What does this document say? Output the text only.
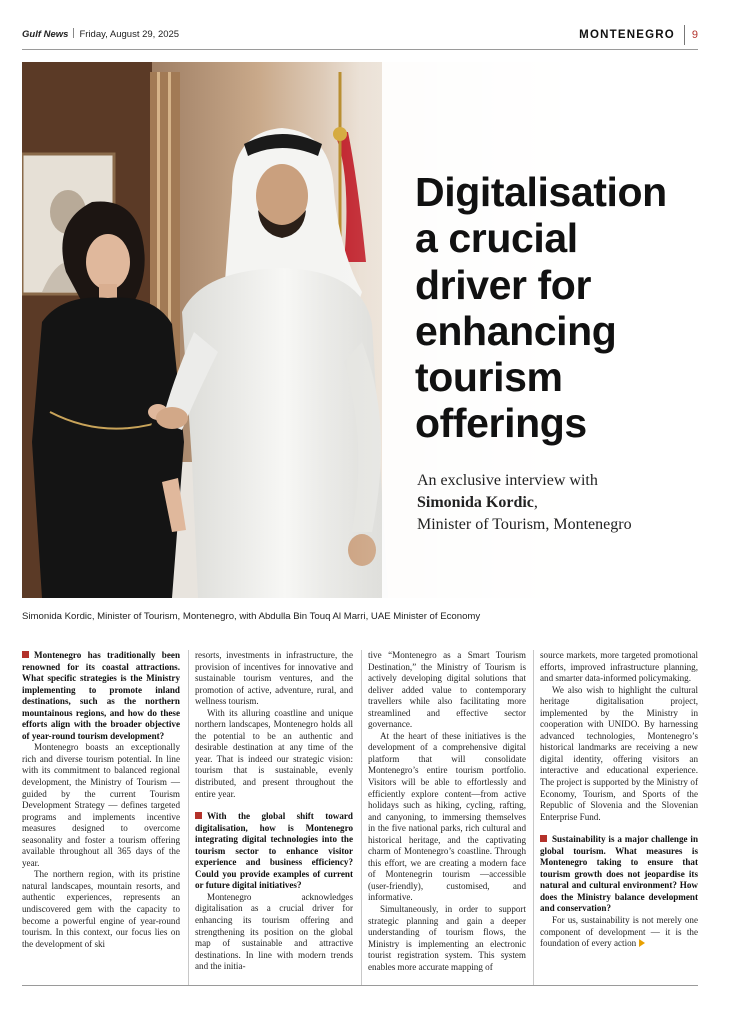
Gulf News Friday, August 29, 2025	MONTENEGRO 9
Digitalisation
a crucial
driver for
enhancing
tourism
offerings
An exclusive interview with
Simonida Kordic,
Minister of Tourism, Montenegro
Simonida Kordic, Minister of Tourism, Montenegro, with Abdulla Bin Touq Al Marri, UAE Minister of Economy

Montenegro has traditionally been renowned for its coastal attractions. What specific strategies is the Ministry implementing to promote inland destinations, such as the northern mountainous regions, and how do these efforts align with the broader objective of year-round tourism development?

Montenegro boasts an exceptionally rich and diverse tourism potential. In line with its commitment to balanced regional development, the Ministry of Tourism — guided by the current Tourism Development Strategy — defines targeted programs and implements incentive measures designed to overcome seasonality and foster a tourism offering available throughout all 365 days of the year.

The northern region, with its pristine natural landscapes, mountain resorts, and authentic experiences, represents an undiscovered gem with the capacity to become a powerful engine of year-round tourism. In this context, our focus lies on the development of ski

resorts, investments in infrastructure, the provision of incentives for innovative and sustainable tourism ventures, and the promotion of active, adventure, rural, and wellness tourism.

With its alluring coastline and unique northern landscapes, Montenegro holds all the potential to be an authentic and desirable destination at any time of the year. That is indeed our strategic vision: tourism that is sustainable, evenly distributed, and present throughout the entire year.

With the global shift toward digitalisation, how is Montenegro integrating digital technologies into the tourism sector to enhance visitor experience and business efficiency? Could you provide examples of current or future digital initiatives?

Montenegro acknowledges digitalisation as a crucial driver for enhancing its tourism offering and strengthening its position on the global map of sustainable and attractive destinations. In line with modern trends and the initia-

tive “Montenegro as a Smart Tourism Destination,” the Ministry of Tourism is actively developing digital solutions that deliver added value to contemporary travellers while also facilitating more streamlined and effective sector governance.

At the heart of these initiatives is the development of a comprehensive digital platform that will consolidate Montenegro’s entire tourism portfolio. Visitors will be able to effortlessly and efficiently explore content—from active holidays such as hiking, cycling, rafting, and canyoning, to immersing themselves in the five national parks, rich cultural and historical heritage, and the captivating charm of Montenegro’s coastline. Through this effort, we are creating a modern face of Montenegrin tourism —accessible (user-friendly), customised, and informative.

Simultaneously, in order to support strategic planning and gain a deeper understanding of tourism flows, the Ministry is implementing an electronic tourist registration system. This system enables more accurate mapping of

source markets, more targeted promotional efforts, improved infrastructure planning, and smarter data-informed policymaking.

We also wish to highlight the cultural heritage digitalisation project, implemented by the Ministry in cooperation with UNIDO. By harnessing advanced technologies, Montenegro’s historical landmarks are receiving a new digital identity, offering visitors an interactive and educational experience. The project is supported by the Ministry of Economy, Tourism, and Sports of the Republic of Slovenia and the Slovenian Enterprise Fund.

Sustainability is a major challenge in global tourism. What measures is Montenegro taking to ensure that tourism growth does not jeopardise its natural and cultural environment? How does the Ministry balance development and conservation?

For us, sustainability is not merely one component of development — it is the foundation of every action
